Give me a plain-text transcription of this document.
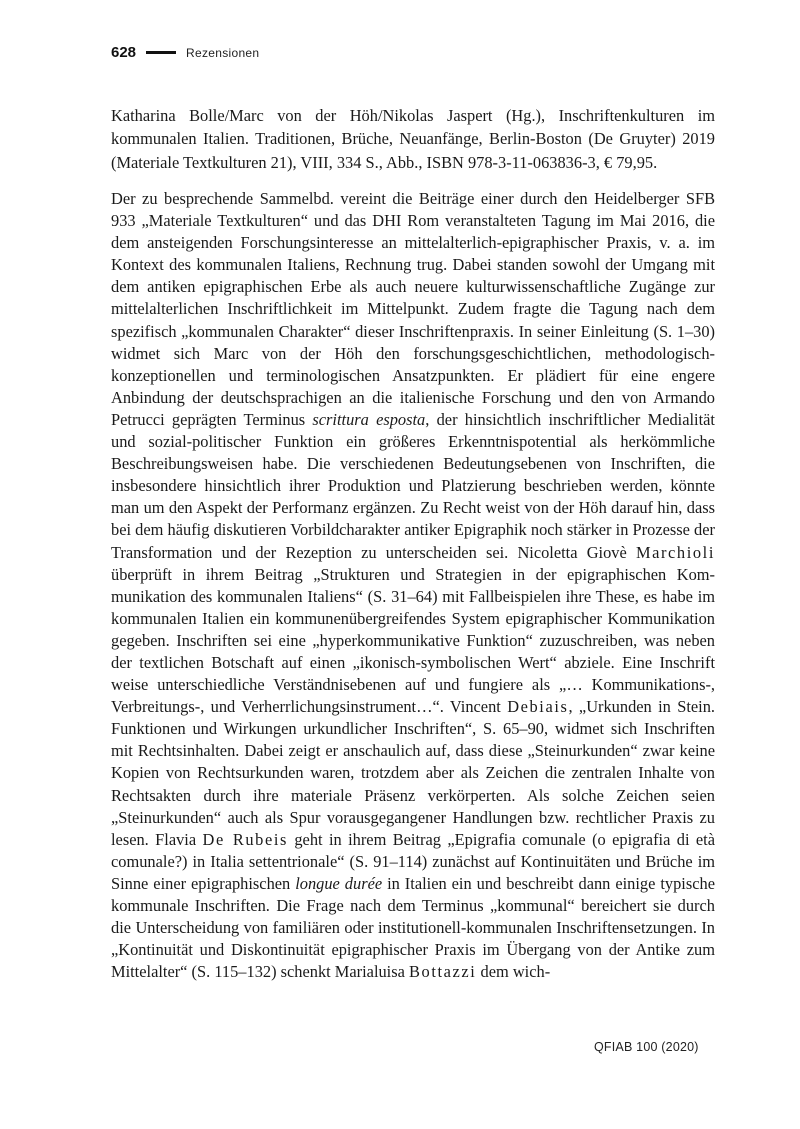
628	Rezensionen
Katharina Bolle/Marc von der Höh/Nikolas Jaspert (Hg.), Inschriftenkulturen im kommunalen Italien. Traditionen, Brüche, Neuanfänge, Berlin-Boston (De Gruyter) 2019 (Materiale Textkulturen 21), VIII, 334 S., Abb., ISBN 978-3-11-063836-3, € 79,95.
Der zu besprechende Sammelbd. vereint die Beiträge einer durch den Heidelberger SFB 933 „Materiale Textkulturen“ und das DHI Rom veranstalteten Tagung im Mai 2016, die dem ansteigenden Forschungsinteresse an mittelalterlich-epigraphischer Praxis, v. a. im Kontext des kommunalen Italiens, Rechnung trug. Dabei standen sowohl der Umgang mit dem antiken epigraphischen Erbe als auch neuere kulturwissenschaftliche Zugänge zur mittelalterlichen Inschriftlichkeit im Mittelpunkt. Zudem fragte die Tagung nach dem spezifisch „kommunalen Charakter“ dieser Inschriftenpraxis. In seiner Einleitung (S. 1–30) widmet sich Marc von der Höh den forschungsgeschichtlichen, methodologisch-konzeptionellen und terminologischen Ansatzpunkten. Er plädiert für eine engere Anbindung der deutschsprachigen an die italienische Forschung und den von Armando Petrucci geprägten Terminus scrittura esposta, der hinsichtlich inschriftlicher Medialität und sozial-politischer Funktion ein größeres Erkenntnispotential als herkömmliche Beschreibungsweisen habe. Die verschiedenen Bedeutungsebenen von Inschriften, die insbesondere hinsichtlich ihrer Produktion und Platzierung beschrieben werden, könnte man um den Aspekt der Performanz ergänzen. Zu Recht weist von der Höh darauf hin, dass bei dem häufig diskutieren Vorbildcharakter antiker Epigraphik noch stärker in Prozesse der Transformation und der Rezeption zu unterscheiden sei. Nicoletta Giovè Marchioli überprüft in ihrem Beitrag „Strukturen und Strategien in der epigraphischen Kommunikation des kommunalen Italiens“ (S. 31–64) mit Fallbeispielen ihre These, es habe im kommunalen Italien ein kommunenübergreifendes System epigraphischer Kommunikation gegeben. Inschriften sei eine „hyperkommunikative Funktion“ zuzuschreiben, was neben der textlichen Botschaft auf einen „ikonisch-symbolischen Wert“ abziele. Eine Inschrift weise unterschiedliche Verständnisebenen auf und fungiere als „… Kommunikations-, Verbreitungs-, und Verherrlichungsinstrument…“. Vincent Debiais, „Urkunden in Stein. Funktionen und Wirkungen urkundlicher Inschriften“, S. 65–90, widmet sich Inschriften mit Rechtsinhalten. Dabei zeigt er anschaulich auf, dass diese „Steinurkunden“ zwar keine Kopien von Rechtsurkunden waren, trotzdem aber als Zeichen die zentralen Inhalte von Rechtsakten durch ihre materiale Präsenz verkörperten. Als solche Zeichen seien „Steinurkunden“ auch als Spur vorausgegangener Handlungen bzw. rechtlicher Praxis zu lesen. Flavia De Rubeis geht in ihrem Beitrag „Epigrafia comunale (o epigrafia di età comunale?) in Italia settentrionale“ (S. 91–114) zunächst auf Kontinuitäten und Brüche im Sinne einer epigraphischen longue durée in Italien ein und beschreibt dann einige typische kommunale Inschriften. Die Frage nach dem Terminus „kommunal“ bereichert sie durch die Unterscheidung von familiären oder institutionell-kommunalen Inschriftensetzungen. In „Kontinuität und Diskontinuität epigraphischer Praxis im Übergang von der Antike zum Mittelalter“ (S. 115–132) schenkt Marialuisa Bottazzi dem wich-
QFIAB 100 (2020)
